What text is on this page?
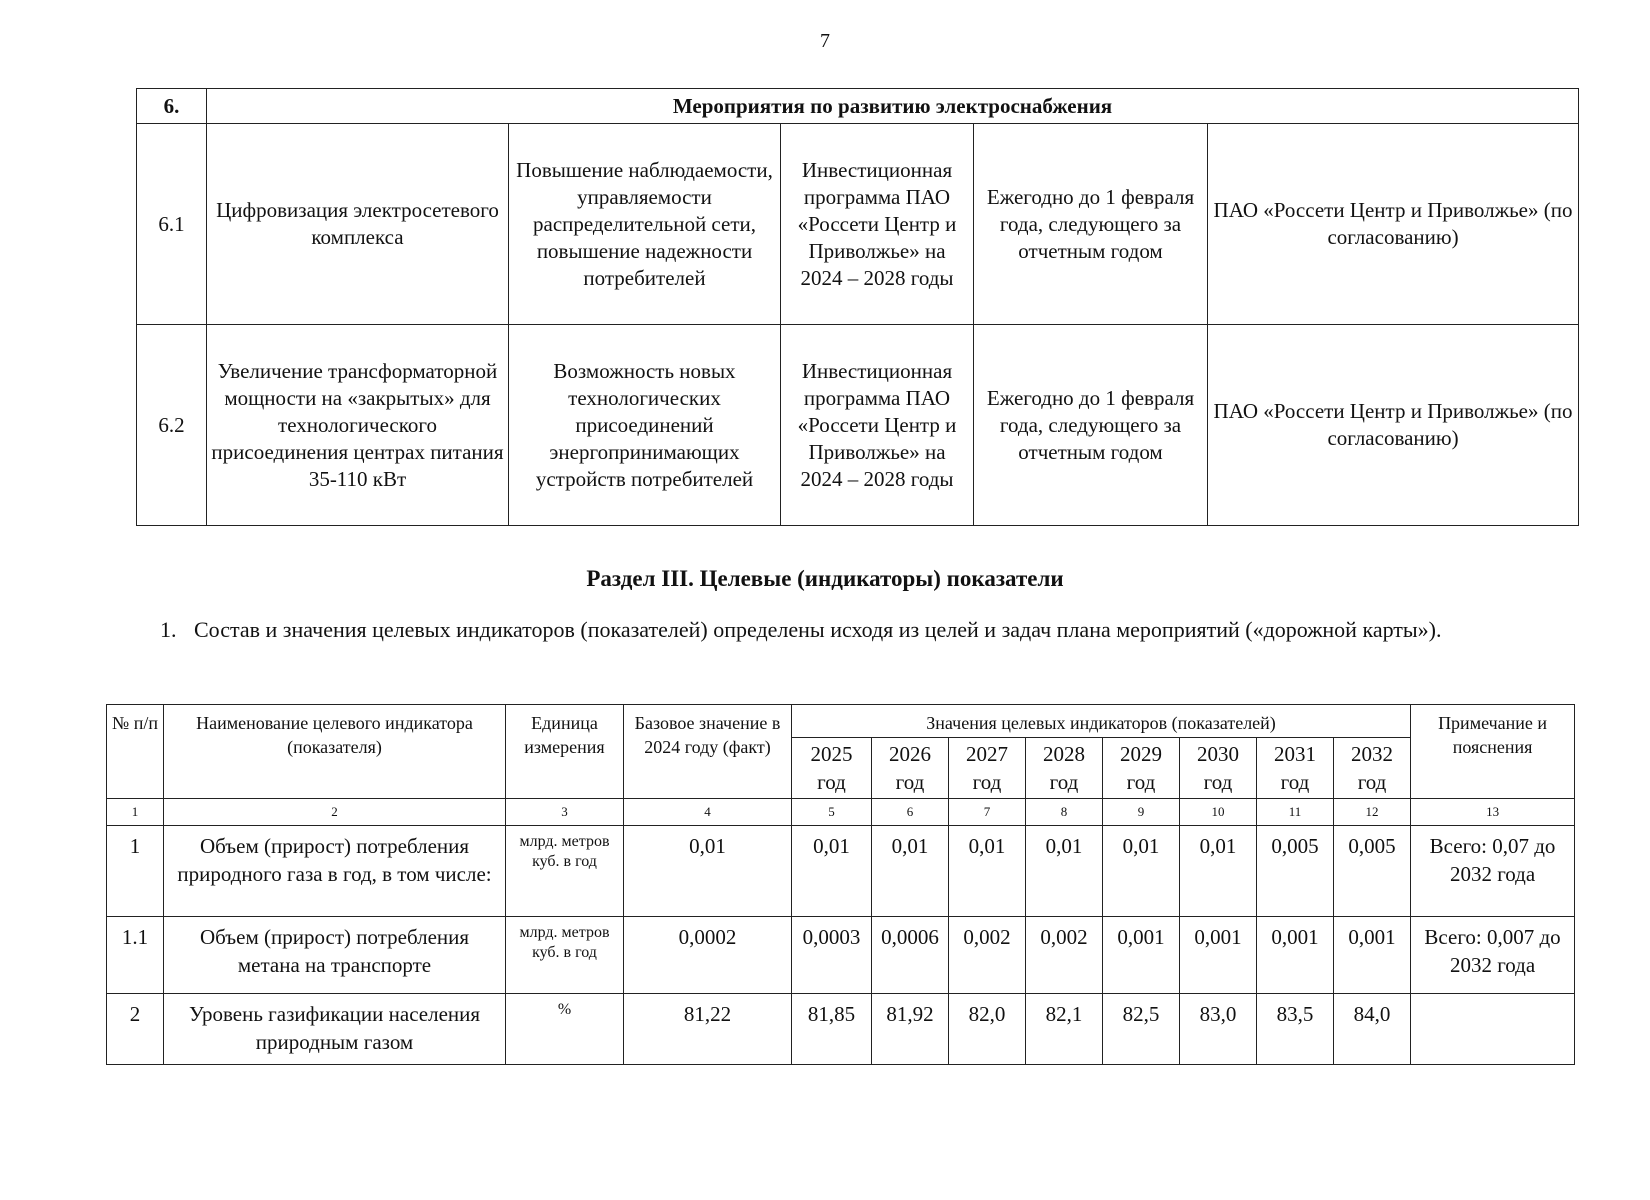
7
6.	Мероприятия по развитию электроснабжения				
6.1	Цифровизация электросетевого комплекса	Повышение наблюдаемости, управляемости распределительной сети, повышение надежности потребителей	Инвестиционная программа ПАО «Россети Центр и Приволжье» на 2024 – 2028 годы	Ежегодно до 1 февраля года, следующего за отчетным годом	ПАО «Россети Центр и Приволжье» (по согласованию)
6.2	Увеличение трансформаторной мощности на «закрытых» для технологического присоединения центрах питания 35-110 кВт	Возможность новых технологических присоединений энергопринимающих устройств потребителей	Инвестиционная программа ПАО «Россети Центр и Приволжье» на 2024 – 2028 годы	Ежегодно до 1 февраля года, следующего за отчетным годом	ПАО «Россети Центр и Приволжье» (по согласованию)
Раздел III. Целевые (индикаторы) показатели
1. Состав и значения целевых индикаторов (показателей) определены исходя из целей и задач плана мероприятий («дорожной карты»).
№ п/п	Наименование целевого индикатора (показателя)	Единица измерения	Базовое значение в 2024 году (факт)	Значения целевых индикаторов (показателей)								Примечание и пояснения
				2025 год	2026 год	2027 год	2028 год	2029 год	2030 год	2031 год	2032 год	
1	2	3	4	5	6	7	8	9	10	11	12	13
1	Объем (прирост) потребления природного газа в год, в том числе:	млрд. метров куб. в год	0,01	0,01	0,01	0,01	0,01	0,01	0,01	0,005	0,005	Всего: 0,07 до 2032 года
1.1	Объем (прирост) потребления метана на транспорте	млрд. метров куб. в год	0,0002	0,0003	0,0006	0,002	0,002	0,001	0,001	0,001	0,001	Всего: 0,007 до 2032 года
2	Уровень газификации населения природным газом	%	81,22	81,85	81,92	82,0	82,1	82,5	83,0	83,5	84,0	
